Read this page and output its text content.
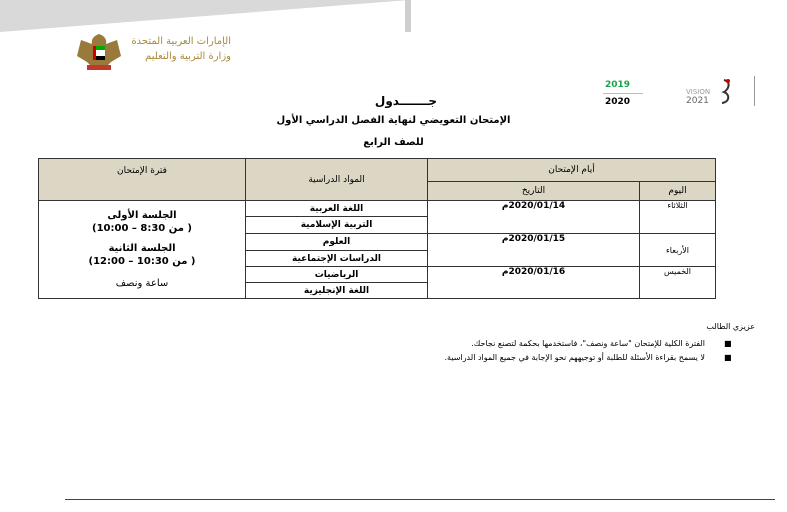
الإمارات العربية المتحدة
وزارة التربية والتعليم
2019
2020
VISION
2021
جـــــــدول
الإمتحان التعويضي لنهاية الفصل الدراسي الأول
للصف الرابع
أيام الإمتحان		المواد الدراسية	فترة الإمتحان
اليوم	التاريخ		
الثلاثاء	2020/01/14م	اللغة العربية	الجلسة الأولى
( من 8:30 – 10:00)
الجلسة الثانية
( من 10:30 – 12:00)
ساعة ونصف

		التربية الإسلامية	
الأربعاء	2020/01/15م	العلوم	
		الدراسات الإجتماعية	
الخميس	2020/01/16م	الرياضيات	
		اللغة الإنجليزية	
عزيزي الطالب
الفترة الكلية للإمتحان "ساعة ونصف"، فاستخدمها بحكمة لتصنع نجاحك.
لا يسمح بقراءة الأسئلة للطلبة أو توجيههم نحو الإجابة في جميع المواد الدراسية.
■
■
